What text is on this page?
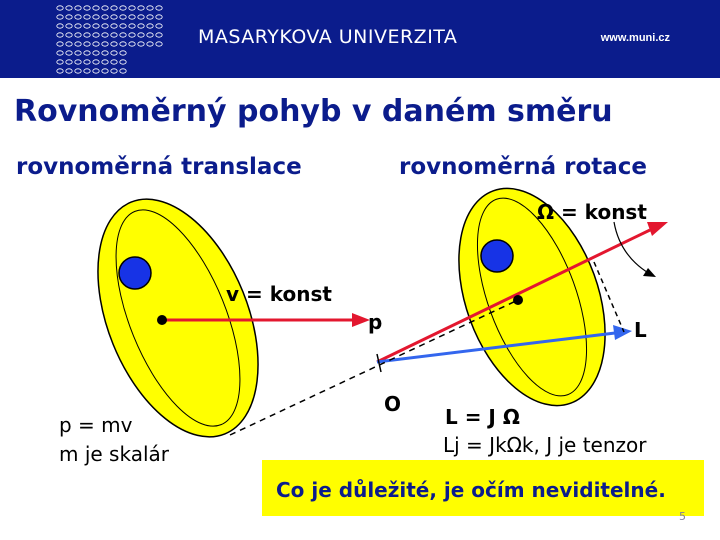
MASARYKOVA UNIVERZITA	www.muni.cz
Rovnoměrný pohyb v daném směru
rovnoměrná translace	rovnoměrná rotace
Ω = konst
v = konst
p	L
O
p = mv
m je skalár
L = J Ω
Lj = JkΩk, J je tenzor
Co je důležité, je očím neviditelné.
5
